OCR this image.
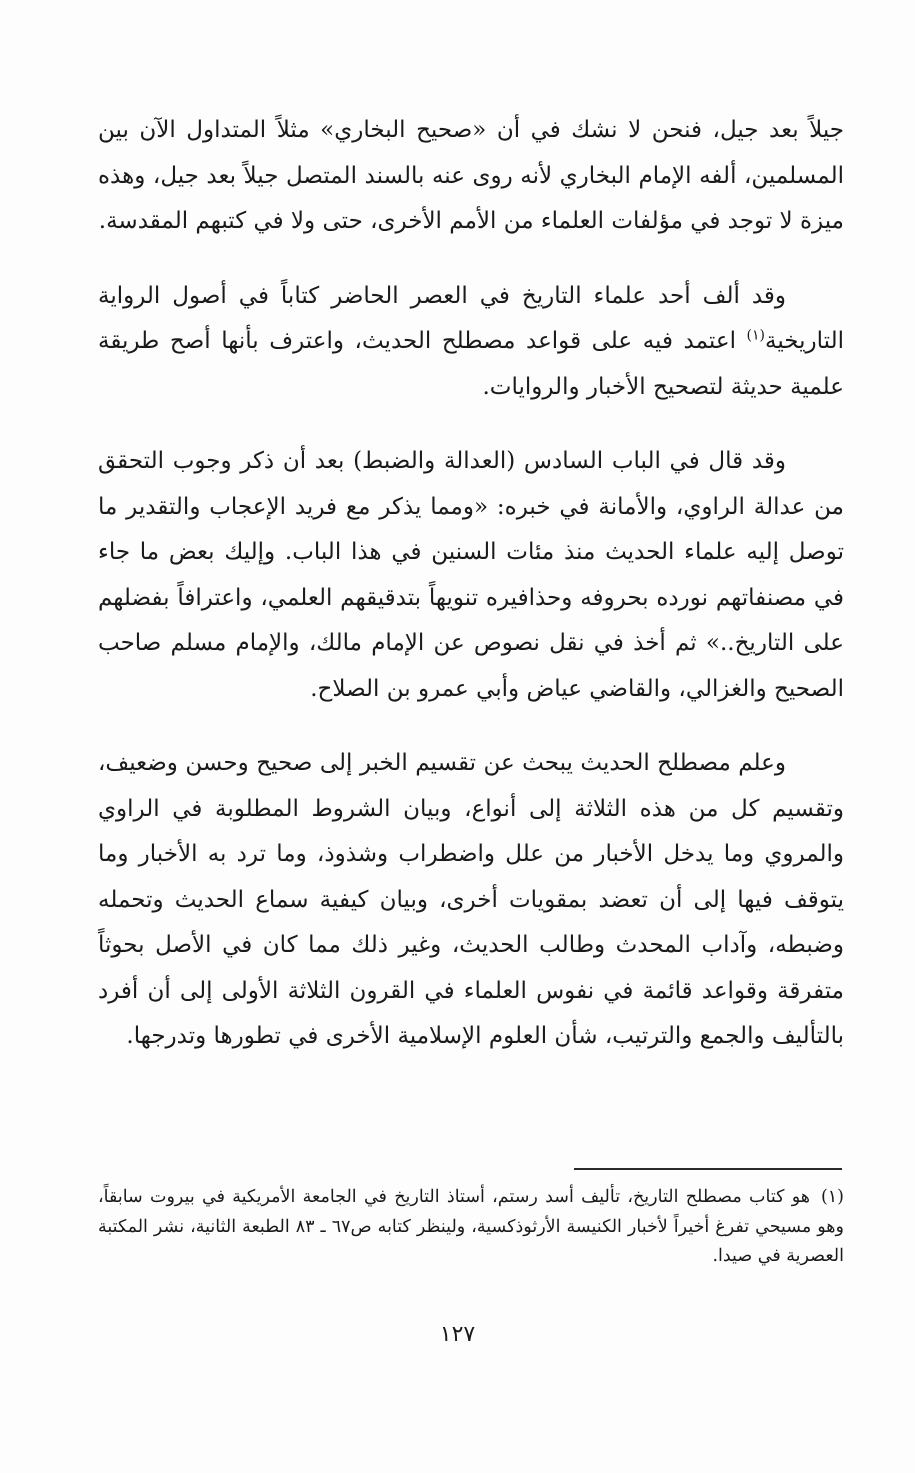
جيلاً بعد جيل، فنحن لا نشك في أن «صحيح البخاري» مثلاً المتداول الآن بين المسلمين، ألفه الإمام البخاري لأنه روى عنه بالسند المتصل جيلاً بعد جيل، وهذه ميزة لا توجد في مؤلفات العلماء من الأمم الأخرى، حتى ولا في كتبهم المقدسة.

وقد ألف أحد علماء التاريخ في العصر الحاضر كتاباً في أصول الرواية التاريخية$^{(١)}$ اعتمد فيه على قواعد مصطلح الحديث، واعترف بأنها أصح طريقة علمية حديثة لتصحيح الأخبار والروايات.

وقد قال في الباب السادس (العدالة والضبط) بعد أن ذكر وجوب التحقق من عدالة الراوي، والأمانة في خبره: «ومما يذكر مع فريد الإعجاب والتقدير ما توصل إليه علماء الحديث منذ مئات السنين في هذا الباب. وإليك بعض ما جاء في مصنفاتهم نورده بحروفه وحذافيره تنويهاً بتدقيقهم العلمي، واعترافاً بفضلهم على التاريخ..» ثم أخذ في نقل نصوص عن الإمام مالك، والإمام مسلم صاحب الصحيح والغزالي، والقاضي عياض وأبي عمرو بن الصلاح.

وعلم مصطلح الحديث يبحث عن تقسيم الخبر إلى صحيح وحسن وضعيف، وتقسيم كل من هذه الثلاثة إلى أنواع، وبيان الشروط المطلوبة في الراوي والمروي وما يدخل الأخبار من علل واضطراب وشذوذ، وما ترد به الأخبار وما يتوقف فيها إلى أن تعضد بمقويات أخرى، وبيان كيفية سماع الحديث وتحمله وضبطه، وآداب المحدث وطالب الحديث، وغير ذلك مما كان في الأصل بحوثاً متفرقة وقواعد قائمة في نفوس العلماء في القرون الثلاثة الأولى إلى أن أفرد بالتأليف والجمع والترتيب، شأن العلوم الإسلامية الأخرى في تطورها وتدرجها.

(١)هو كتاب مصطلح التاريخ، تأليف أسد رستم، أستاذ التاريخ في الجامعة الأمريكية في بيروت سابقاً، وهو مسيحي تفرغ أخيراً لأخبار الكنيسة الأرثوذكسية، ولينظر كتابه ص٦٧ ـ ٨٣ الطبعة الثانية، نشر المكتبة العصرية في صيدا.
١٢٧
